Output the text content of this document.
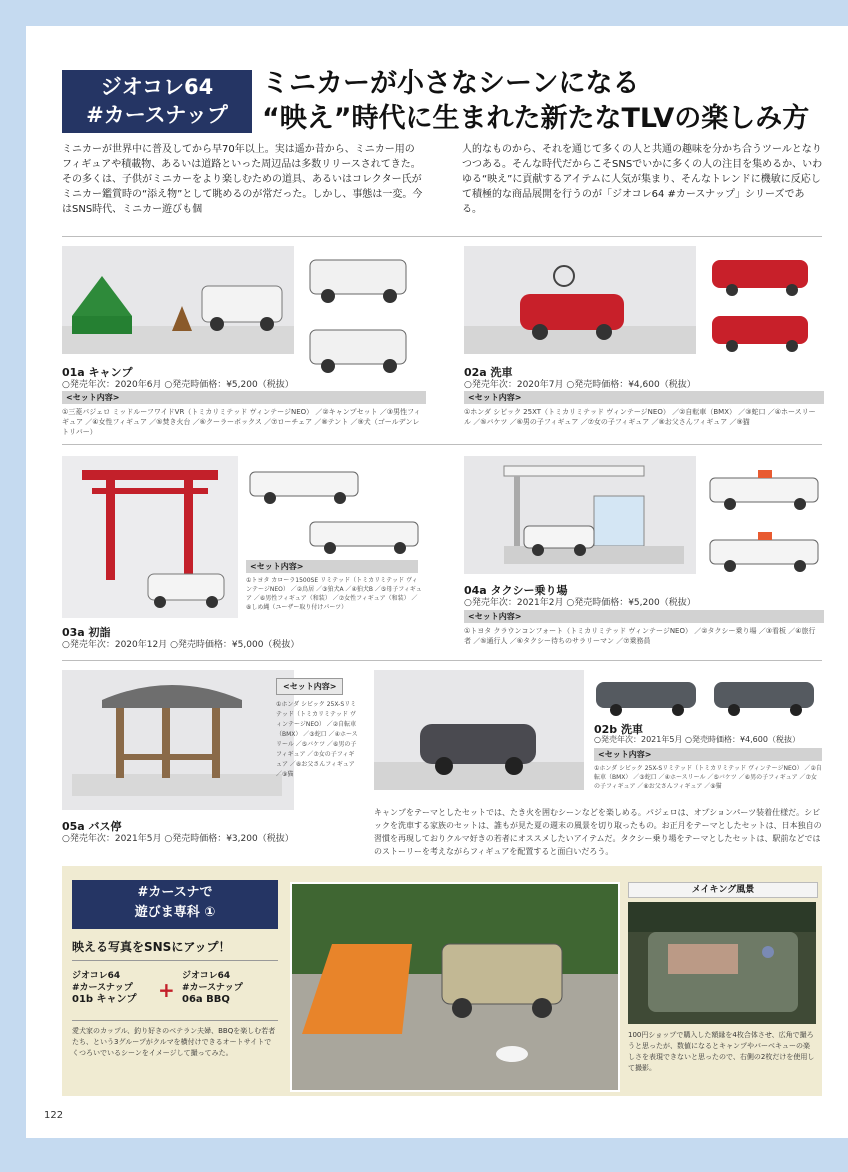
ジオコレ64
#カースナップ
ミニカーが小さなシーンになる
“映え”時代に生まれた新たなTLVの楽しみ方
ミニカーが世界中に普及してから早70年以上。実は遥か昔から、ミニカー用のフィギュアや積載物、あるいは道路といった周辺品は多数リリースされてきた。その多くは、子供がミニカーをより楽しむための道具、あるいはコレクター氏がミニカー鑑賞時の“添え物”として眺めるのが常だった。しかし、事態は一変。今はSNS時代、ミニカー遊びも個
人的なものから、それを通じて多くの人と共通の趣味を分かち合うツールとなりつつある。そんな時代だからこそSNSでいかに多くの人の注目を集めるか、いわゆる“映え”に貢献するアイテムに人気が集まり、そんなトレンドに機敏に反応して積極的な商品展開を行うのが「ジオコレ64 #カースナップ」シリーズである。
01a キャンプ
○発売年次：2020年6月 ○発売時価格：¥5,200（税抜）
<セット内容>
①三菱パジェロ ミッドルーフワイドVR（トミカリミテッド ヴィンテージNEO） ／②キャンプセット ／③男性フィギュア ／④女性フィギュア ／⑤焚き火台 ／⑥クーラーボックス ／⑦ローチェア ／⑧テント ／⑨犬（ゴールデンレトリバー）
02a 洗車
○発売年次：2020年7月 ○発売時価格：¥4,600（税抜）
<セット内容>
①ホンダ シビック 25XT（トミカリミテッド ヴィンテージNEO） ／②自転車（BMX） ／③蛇口 ／④ホースリール ／⑤バケツ ／⑥男の子フィギュア ／⑦女の子フィギュア ／⑧お父さんフィギュア ／⑨猫
<セット内容>
①トヨタ カローラ1500SE リミテッド（トミカリミテッド ヴィンテージNEO） ／②鳥居 ／③狛犬A ／④狛犬B ／⑤母子フィギュア ／⑥男性フィギュア（和装） ／⑦女性フィギュア（和装） ／⑧しめ縄（ユーザー取り付けパーツ）
03a 初詣
○発売年次：2020年12月 ○発売時価格：¥5,000（税抜）
04a タクシー乗り場
○発売年次：2021年2月 ○発売時価格：¥5,200（税抜）
<セット内容>
①トヨタ クラウンコンフォート（トミカリミテッド ヴィンテージNEO） ／②タクシー乗り場 ／③看板 ／④旅行者 ／⑤通行人 ／⑥タクシー待ちのサラリーマン ／⑦乗務員
<セット内容>
①ホンダ シビック 25X-Sリミテッド（トミカリミテッド ヴィンテージNEO） ／②自転車（BMX） ／③蛇口 ／④ホースリール ／⑤バケツ ／⑥男の子フィギュア ／⑦女の子フィギュア ／⑧お父さんフィギュア ／⑨猫
05a バス停
○発売年次：2021年5月 ○発売時価格：¥3,200（税抜）
02b 洗車
○発売年次：2021年5月 ○発売時価格：¥4,600（税抜）
<セット内容>
①ホンダ シビック 25X-Sリミテッド（トミカリミテッド ヴィンテージNEO） ／②自転車（BMX） ／③蛇口 ／④ホースリール ／⑤バケツ ／⑥男の子フィギュア ／⑦女の子フィギュア ／⑧お父さんフィギュア ／⑨猫
キャンプをテーマとしたセットでは、たき火を囲むシーンなどを楽しめる。パジェロは、オプションパーツ装着仕様だ。シビックを洗車する家族のセットは、誰もが見た夏の週末の風景を切り取ったもの。お正月をテーマとしたセットは、日本独自の習慣を再現しておりクルマ好きの若者にオススメしたいアイテムだ。タクシー乗り場をテーマとしたセットは、駅前などではのストーリーを考えながらフィギュアを配置すると面白いだろう。
#カースナで
遊びま専科 ①
映える写真をSNSにアップ！
ジオコレ64
#カースナップ
01b キャンプ +
ジオコレ64
#カースナップ
06a BBQ
愛犬家のカップル、釣り好きのベテラン夫婦、BBQを楽しむ若者たち、という3グループがクルマを横付けできるオートサイトでくつろいでいるシーンをイメージして撮ってみた。
メイキング風景
100円ショップで購入した額縁を4枚合体させ、広角で撮ろうと思ったが、数値になるとキャンプやバーベキューの楽しさを表現できないと思ったので、右側の2枚だけを使用して撮影。
122
